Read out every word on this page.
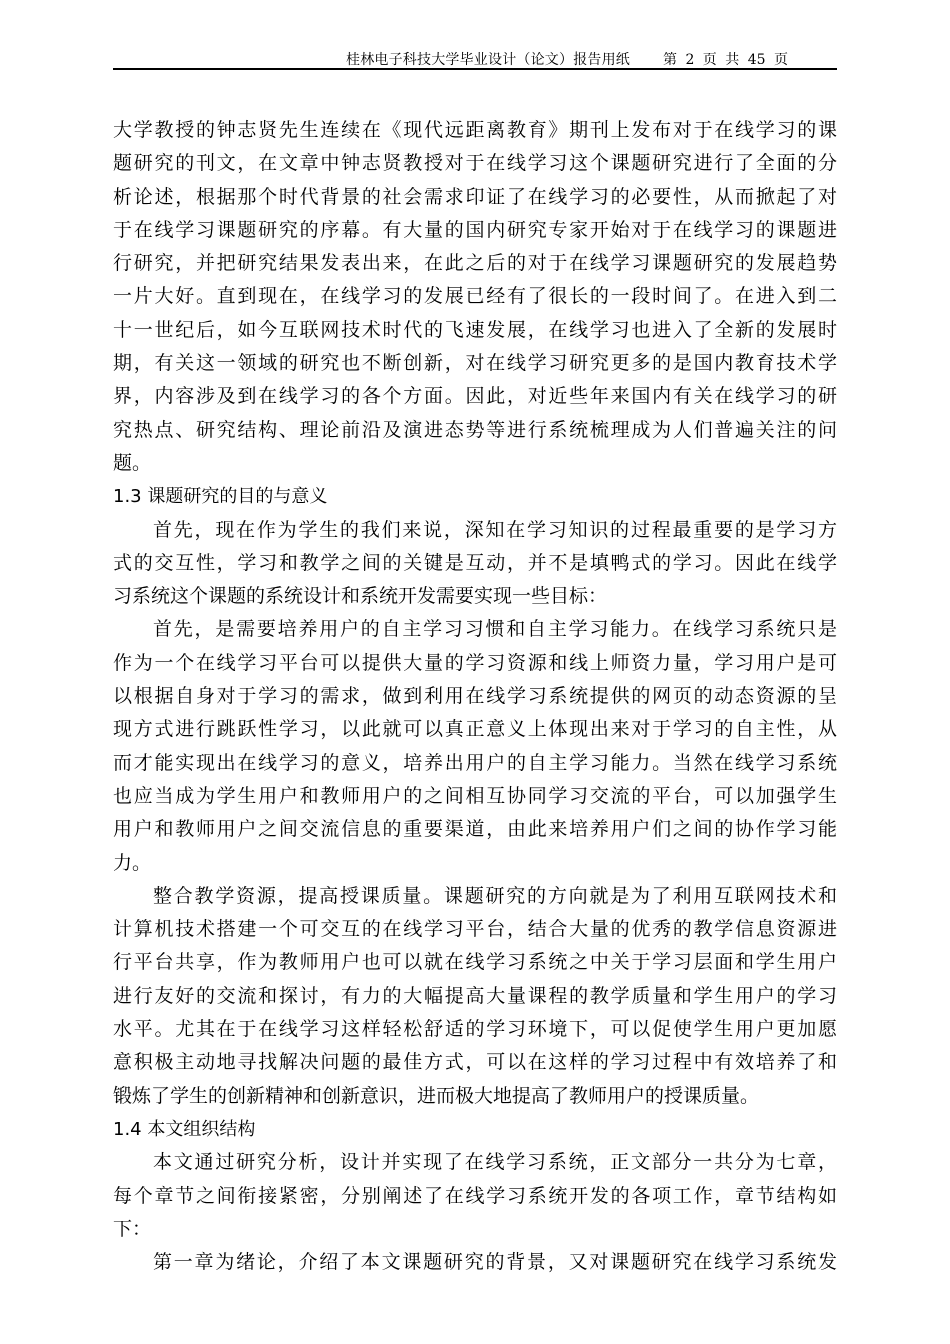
桂林电子科技大学毕业设计（论文）报告用纸 第 2 页 共 45 页
大学教授的钟志贤先生连续在《现代远距离教育》期刊上发布对于在线学习的课
题研究的刊文，在文章中钟志贤教授对于在线学习这个课题研究进行了全面的分
析论述，根据那个时代背景的社会需求印证了在线学习的必要性，从而掀起了对
于在线学习课题研究的序幕。有大量的国内研究专家开始对于在线学习的课题进
行研究，并把研究结果发表出来，在此之后的对于在线学习课题研究的发展趋势
一片大好。直到现在，在线学习的发展已经有了很长的一段时间了。在进入到二
十一世纪后，如今互联网技术时代的飞速发展，在线学习也进入了全新的发展时
期，有关这一领域的研究也不断创新，对在线学习研究更多的是国内教育技术学
界，内容涉及到在线学习的各个方面。因此，对近些年来国内有关在线学习的研
究热点、研究结构、理论前沿及演进态势等进行系统梳理成为人们普遍关注的问
题。
1.3 课题研究的目的与意义
首先，现在作为学生的我们来说，深知在学习知识的过程最重要的是学习方
式的交互性，学习和教学之间的关键是互动，并不是填鸭式的学习。因此在线学
习系统这个课题的系统设计和系统开发需要实现一些目标：
首先，是需要培养用户的自主学习习惯和自主学习能力。在线学习系统只是
作为一个在线学习平台可以提供大量的学习资源和线上师资力量，学习用户是可
以根据自身对于学习的需求，做到利用在线学习系统提供的网页的动态资源的呈
现方式进行跳跃性学习，以此就可以真正意义上体现出来对于学习的自主性，从
而才能实现出在线学习的意义，培养出用户的自主学习能力。当然在线学习系统
也应当成为学生用户和教师用户的之间相互协同学习交流的平台，可以加强学生
用户和教师用户之间交流信息的重要渠道，由此来培养用户们之间的协作学习能
力。
整合教学资源，提高授课质量。课题研究的方向就是为了利用互联网技术和
计算机技术搭建一个可交互的在线学习平台，结合大量的优秀的教学信息资源进
行平台共享，作为教师用户也可以就在线学习系统之中关于学习层面和学生用户
进行友好的交流和探讨，有力的大幅提高大量课程的教学质量和学生用户的学习
水平。尤其在于在线学习这样轻松舒适的学习环境下，可以促使学生用户更加愿
意积极主动地寻找解决问题的最佳方式，可以在这样的学习过程中有效培养了和
锻炼了学生的创新精神和创新意识，进而极大地提高了教师用户的授课质量。
1.4 本文组织结构
本文通过研究分析，设计并实现了在线学习系统，正文部分一共分为七章，
每个章节之间衔接紧密，分别阐述了在线学习系统开发的各项工作，章节结构如
下：
第一章为绪论，介绍了本文课题研究的背景，又对课题研究在线学习系统发
